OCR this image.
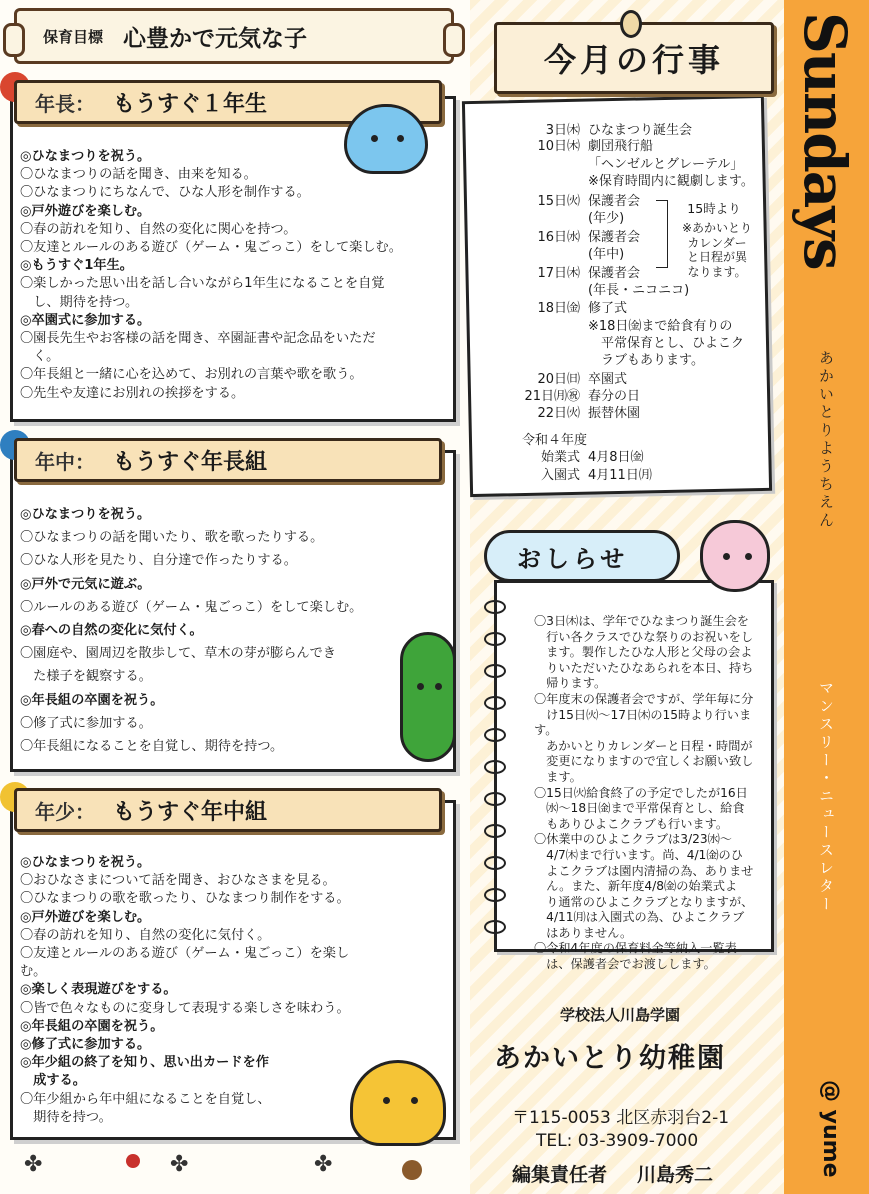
Sundays
あかいとりようちえん
マンスリー・ニュースレター
@ yume
保育目標 心豊かで元気な子
年長： もうすぐ１年生
◎ひなまつりを祝う。
〇ひなまつりの話を聞き、由来を知る。
〇ひなまつりにちなんで、ひな人形を制作する。
◎戸外遊びを楽しむ。
〇春の訪れを知り、自然の変化に関心を持つ。
〇友達とルールのある遊び（ゲーム・鬼ごっこ）をして楽しむ。
◎もうすぐ1年生。
〇楽しかった思い出を話し合いながら1年生になることを自覚
　し、期待を持つ。
◎卒園式に参加する。
〇園長先生やお客様の話を聞き、卒園証書や記念品をいただ
　く。
〇年長組と一緒に心を込めて、お別れの言葉や歌を歌う。
〇先生や友達にお別れの挨拶をする。
年中： もうすぐ年長組
◎ひなまつりを祝う。
〇ひなまつりの話を聞いたり、歌を歌ったりする。
〇ひな人形を見たり、自分達で作ったりする。
◎戸外で元気に遊ぶ。
〇ルールのある遊び（ゲーム・鬼ごっこ）をして楽しむ。
◎春への自然の変化に気付く。
〇園庭や、園周辺を散歩して、草木の芽が膨らんでき
　た様子を観察する。
◎年長組の卒園を祝う。
〇修了式に参加する。
〇年長組になることを自覚し、期待を持つ。
年少： もうすぐ年中組
◎ひなまつりを祝う。
〇おひなさまについて話を聞き、おひなさまを見る。
〇ひなまつりの歌を歌ったり、ひなまつり制作をする。
◎戸外遊びを楽しむ。
〇春の訪れを知り、自然の変化に気付く。
〇友達とルールのある遊び（ゲーム・鬼ごっこ）を楽しむ。
◎楽しく表現遊びをする。
〇皆で色々なものに変身して表現する楽しさを味わう。
◎年長組の卒園を祝う。
◎修了式に参加する。
◎年少組の終了を知り、思い出カードを作
　成する。
〇年少組から年中組になることを自覚し、
　期待を持つ。
今月の行事
3日㈭ ひなまつり誕生会
10日㈭ 劇団飛行船
「ヘンゼルとグレーテル」
※保育時間内に観劇します。
15日㈫ 保護者会
(年少)
16日㈬ 保護者会
(年中)
17日㈭ 保護者会
(年長・ニコニコ)
18日㈮ 修了式
※18日㈮まで給食有りの
　平常保育とし、ひよこク
　ラブもあります。
20日㈰ 卒園式
21日㈪㊗ 春分の日
22日㈫ 振替休園
15時より
※あかいとり
カレンダー
と日程が異
なります。
令和４年度
始業式 4月8日㈮
入園式 4月11日㈪
おしらせ
〇3日㈭は、学年でひなまつり誕生会を
　行い各クラスでひな祭りのお祝いをし
　ます。製作したひな人形と父母の会よ
　りいただいたひなあられを本日、持ち
　帰ります。
〇年度末の保護者会ですが、学年毎に分
　け15日㈫～17日㈭の15時より行います。
　あかいとりカレンダーと日程・時間が
　変更になりますので宜しくお願い致し
　ます。
〇15日㈫給食終了の予定でしたが16日
　㈬～18日㈮まで平常保育とし、給食
　もありひよこクラブも行います。
〇休業中のひよこクラブは3/23㈬～
　4/7㈭まで行います。尚、4/1㈮のひ
　よこクラブは園内清掃の為、ありませ
　ん。また、新年度4/8㈮の始業式よ
　り通常のひよこクラブとなりますが、
　4/11㈪は入園式の為、ひよこクラブ
　はありません。
〇令和4年度の保育料金等納入一覧表
　は、保護者会でお渡しします。
学校法人川島学園
あかいとり幼稚園
〒115-0053 北区赤羽台2-1
TEL: 03-3909-7000
編集責任者 川島秀二
✤	✤	✤
